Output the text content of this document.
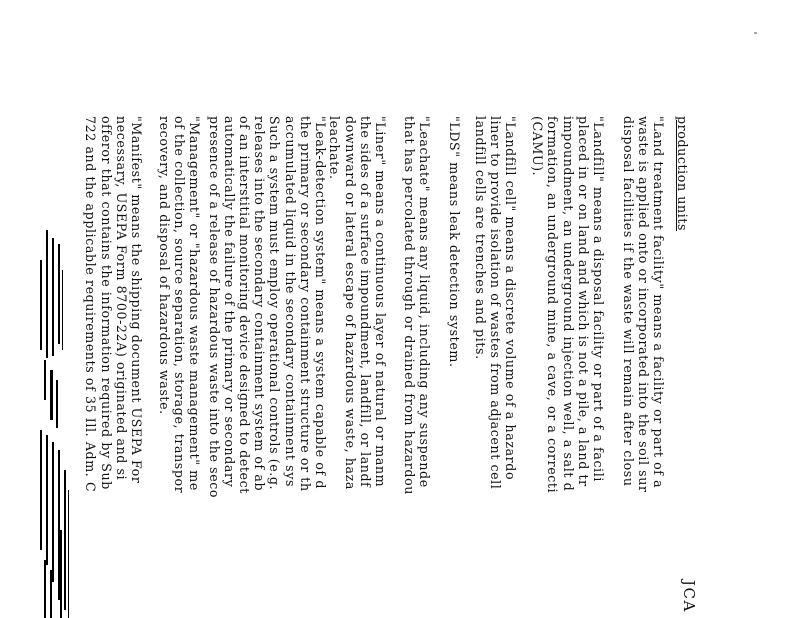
JCA
production units
"Land treatment facility" means a facility or part of a
waste is applied onto or incorporated into the soil sur
disposal facilities if the waste will remain after closu
"Landfill" means a disposal facility or part of a facili
placed in or on land and which is not a pile, a land tr
impoundment, an underground injection well, a salt d
formation, an underground mine, a cave, or a correcti
(CAMU).
"Landfill cell" means a discrete volume of a hazardo
liner to provide isolation of wastes from adjacent cell
landfill cells are trenches and pits.
"LDS" means leak detection system.
"Leachate" means any liquid, including any suspende
that has percolated through or drained from hazardou
"Liner" means a continuous layer of natural or manm
the sides of a surface impoundment, landfill, or landf
downward or lateral escape of hazardous waste, haza
leachate.
"Leak-detection system" means a system capable of d
the primary or secondary containment structure or th
accumulated liquid in the secondary containment sys
Such a system must employ operational controls (e.g.
releases into the secondary containment system of ab
of an interstitial monitoring device designed to detect
automatically the failure of the primary or secondary
presence of a release of hazardous waste into the seco
"Management" or "hazardous waste management" me
of the collection, source separation, storage, transpor
recovery, and disposal of hazardous waste.
"Manifest" means the shipping document USEPA For
necessary, USEPA Form 8700-22A) originated and si
offeror that contains the information required by Sub
722 and the applicable requirements of 35 Ill. Adm. C
